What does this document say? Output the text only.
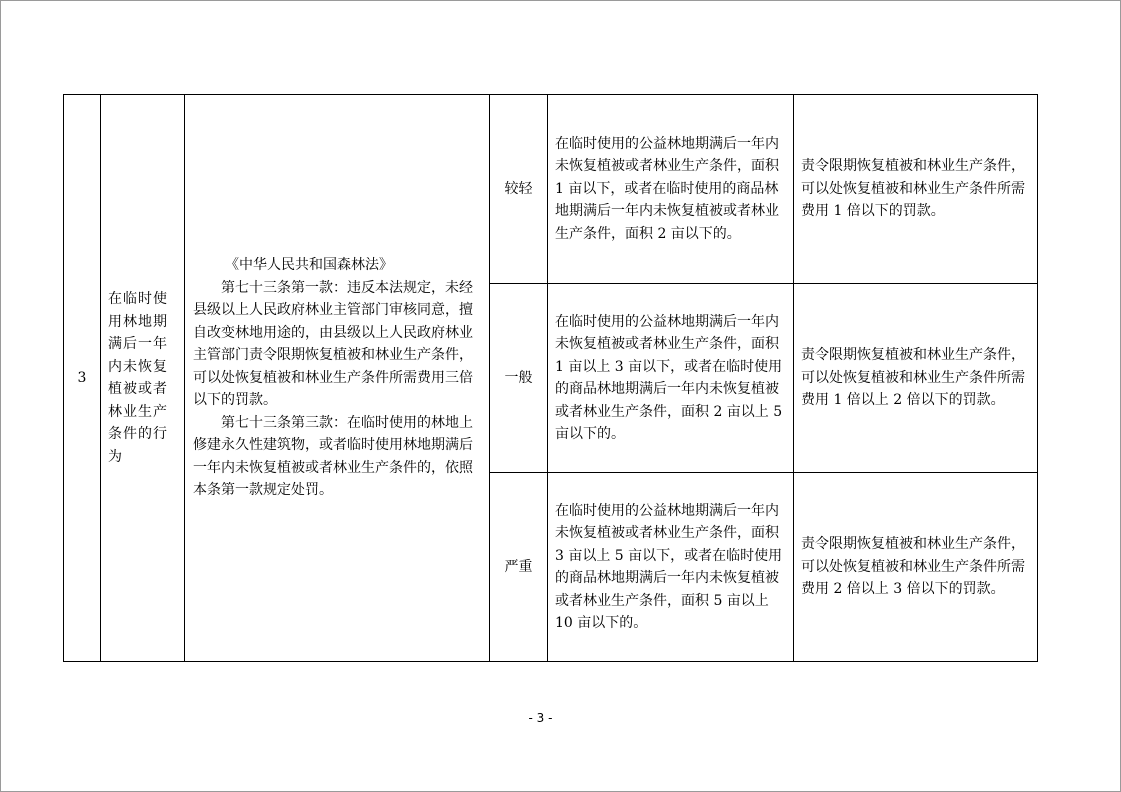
3	在临时使用林地期满后一年内未恢复植被或者林业生产条件的行为	《中华人民共和国森林法》
第七十三条第一款：违反本法规定，未经县级以上人民政府林业主管部门审核同意，擅自改变林地用途的，由县级以上人民政府林业主管部门责令限期恢复植被和林业生产条件，可以处恢复植被和林业生产条件所需费用三倍以下的罚款。
第七十三条第三款：在临时使用的林地上修建永久性建筑物，或者临时使用林地期满后一年内未恢复植被或者林业生产条件的，依照本条第一款规定处罚。	较轻	在临时使用的公益林地期满后一年内未恢复植被或者林业生产条件，面积 1 亩以下，或者在临时使用的商品林地期满后一年内未恢复植被或者林业生产条件，面积 2 亩以下的。	责令限期恢复植被和林业生产条件，可以处恢复植被和林业生产条件所需费用 1 倍以下的罚款。
			一般	在临时使用的公益林地期满后一年内未恢复植被或者林业生产条件，面积 1 亩以上 3 亩以下，或者在临时使用的商品林地期满后一年内未恢复植被或者林业生产条件，面积 2 亩以上 5 亩以下的。	责令限期恢复植被和林业生产条件，可以处恢复植被和林业生产条件所需费用 1 倍以上 2 倍以下的罚款。
			严重	在临时使用的公益林地期满后一年内未恢复植被或者林业生产条件，面积 3 亩以上 5 亩以下，或者在临时使用的商品林地期满后一年内未恢复植被或者林业生产条件，面积 5 亩以上 10 亩以下的。	责令限期恢复植被和林业生产条件，可以处恢复植被和林业生产条件所需费用 2 倍以上 3 倍以下的罚款。
- 3 -
